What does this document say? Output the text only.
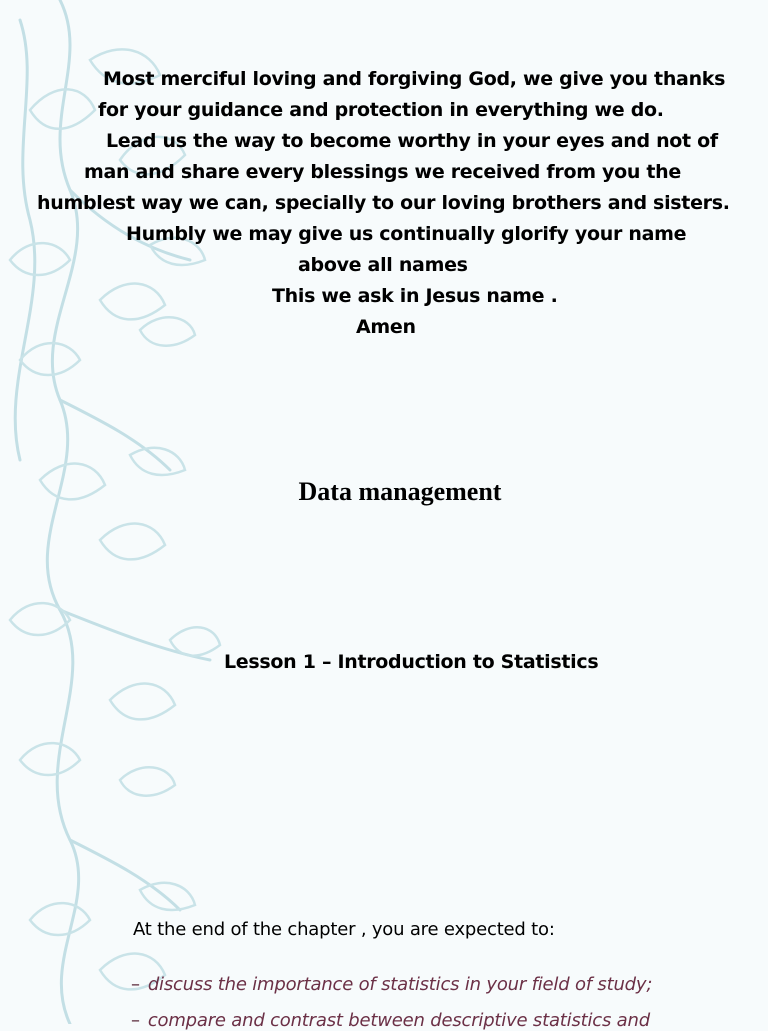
Most merciful loving and forgiving God, we give you thanks
for your guidance and protection in everything we do.
Lead us the way to become worthy in your eyes and not of
man and share every blessings we received from you the
humblest way we can, specially to our loving brothers and sisters.
Humbly we may give us continually glorify your name
above all names
This we ask in Jesus name .
Amen
Data management
Lesson 1 – Introduction to Statistics
At the end of the chapter , you are expected to:
– discuss the importance of statistics in your field of study;
– compare and contrast between descriptive statistics and
